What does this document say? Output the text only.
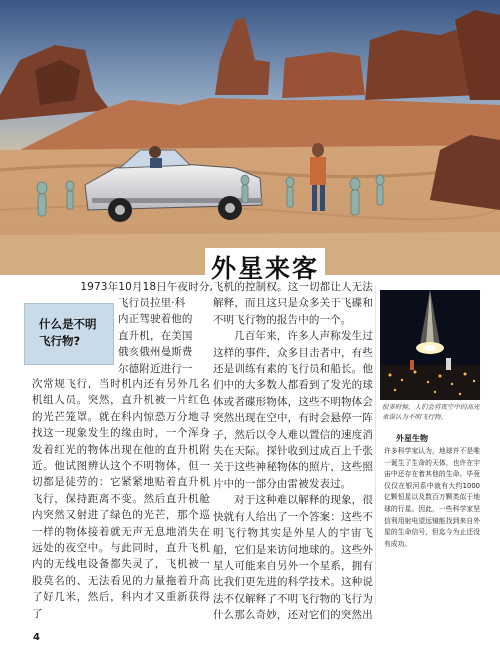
外星来客
1973年10月18日午夜时分,
什么是不明
飞行物?
飞行员拉里·科
内正驾驶着他的
直升机，在美国
俄亥俄州曼斯费
尔德附近进行一

次常规飞行，当时机内还有另外几名机组人员。突然，直升机被一片红色的光芒笼罩。就在科内惊恐万分地寻找这一现象发生的缘由时，一个浑身发着红光的物体出现在他的直升机附近。他试图辨认这个不明物体，但一切都是徒劳的：它紧紧地贴着直升机飞行，保持距离不变。然后直升机舱内突然又射进了绿色的光芒，那个巡一样的物体接着就无声无息地消失在远处的夜空中。与此同时，直升飞机内的无线电设备都失灵了，飞机被一股莫名的、无法看见的力量拖着升高了好几米，然后，科内才又重新获得了

飞机的控制权。这一切都让人无法解释，而且这只是众多关于飞碟和不明飞行物的报告中的一个。

几百年来，许多人声称发生过这样的事件，众多目击者中，有些还是训练有素的飞行员和船长。他们中的大多数人都看到了发光的球体或者碟形物体，这些不明物体会突然出现在空中，有时会悬停一阵子，然后以令人难以置信的速度消失在天际。探针收到过成百上千张关于这些神秘物体的照片，这些照片中的一部分由雷被发表过。

对于这种难以解释的现象，很快就有人给出了一个答案：这些不明飞行物其实是外星人的宇宙飞船，它们是来访问地球的。这些外星人可能来自另外一个星系，拥有比我们更先进的科学技术。这种说法不仅解释了不明飞行物的飞行为什么那么奇妙，还对它们的突然出

很多时候，人们会将夜空中的高光束误认为不明飞行物。
外星生物
许多科学家认为，地球并不是唯一诞生了生命的天体，也许在宇宙中还存在着其他的生命。毕竟仅仅在银河系中就有大约1000亿颗恒星以及数百万颗类似于地球的行星。因此，一些科学家坚信利用射电望远镜能找到来自外星的生命信号，但迄今为止还没有成功。
4
